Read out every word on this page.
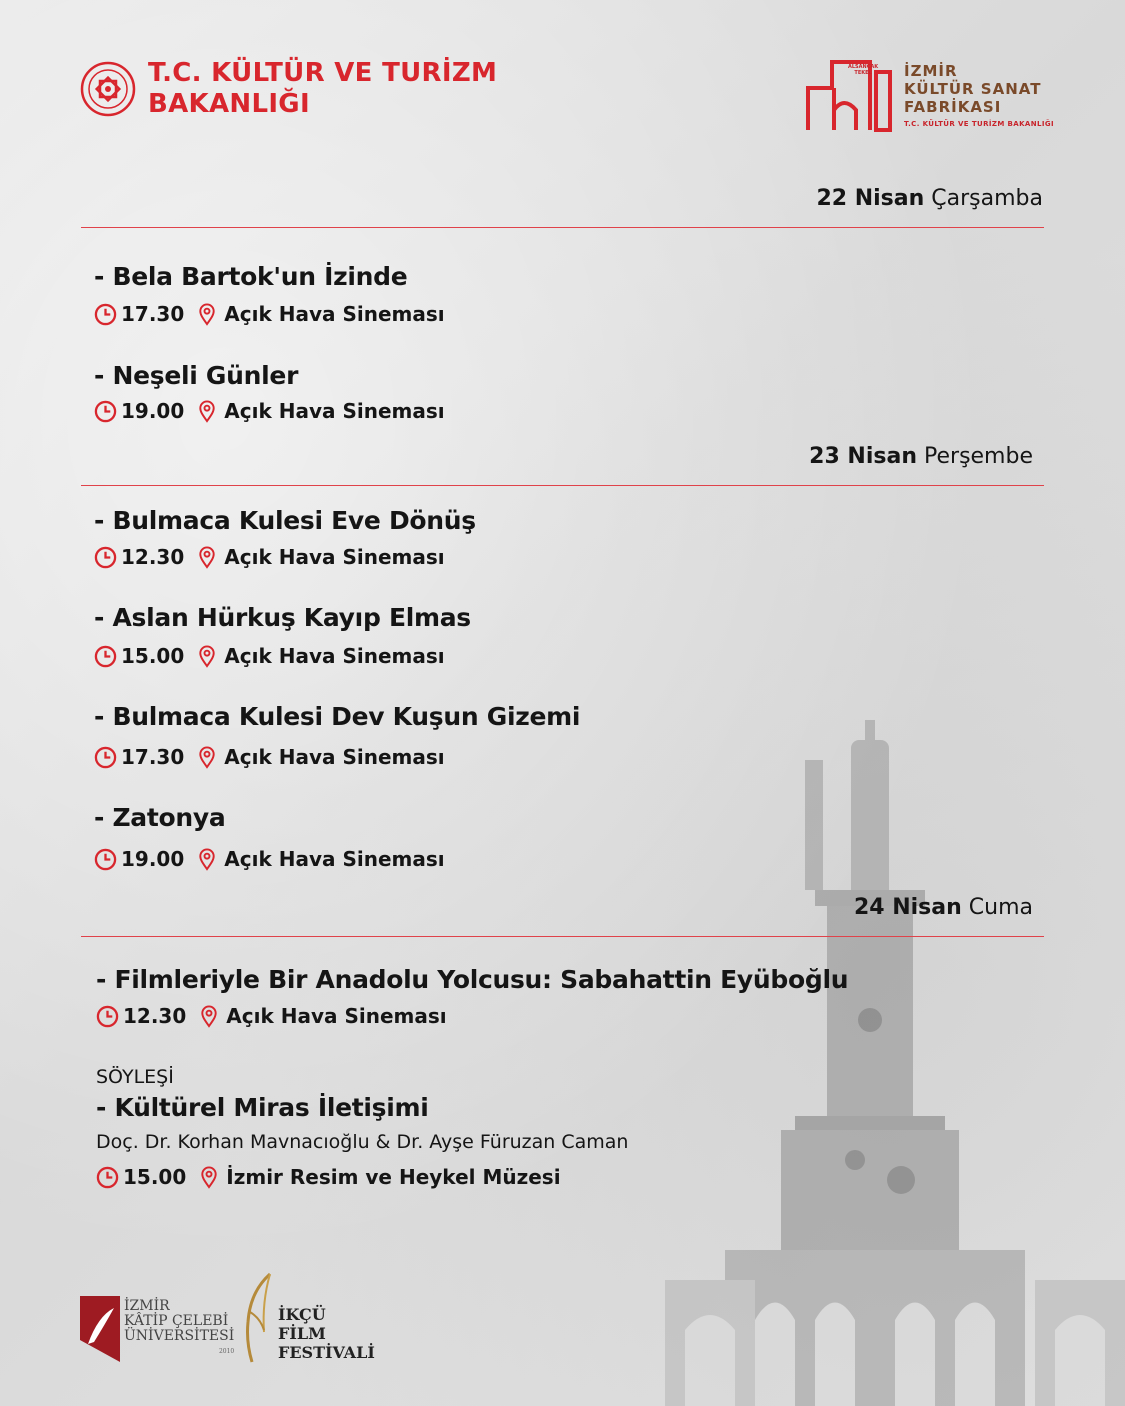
T.C. KÜLTÜR VE TURİZM
BAKANLIĞI
ALSANCAK
TEKEL	İZMİR
KÜLTÜR SANAT
FABRİKASI
T.C. KÜLTÜR VE TURİZM BAKANLIĞI
22 Nisan Çarşamba
- Bela Bartok'un İzinde
17.30 Açık Hava Sineması
- Neşeli Günler
19.00 Açık Hava Sineması
23 Nisan Perşembe
- Bulmaca Kulesi Eve Dönüş
12.30 Açık Hava Sineması
- Aslan Hürkuş Kayıp Elmas
15.00 Açık Hava Sineması
- Bulmaca Kulesi Dev Kuşun Gizemi
17.30 Açık Hava Sineması
- Zatonya
19.00 Açık Hava Sineması
24 Nisan Cuma
- Filmleriyle Bir Anadolu Yolcusu: Sabahattin Eyüboğlu
12.30 Açık Hava Sineması
SÖYLEŞİ
- Kültürel Miras İletişimi
Doç. Dr. Korhan Mavnacıoğlu & Dr. Ayşe Füruzan Caman
15.00 İzmir Resim ve Heykel Müzesi
İZMİR
KÂTİP ÇELEBİ
ÜNİVERSİTESİ
2010
İKÇÜ
FİLM
FESTİVALİ
